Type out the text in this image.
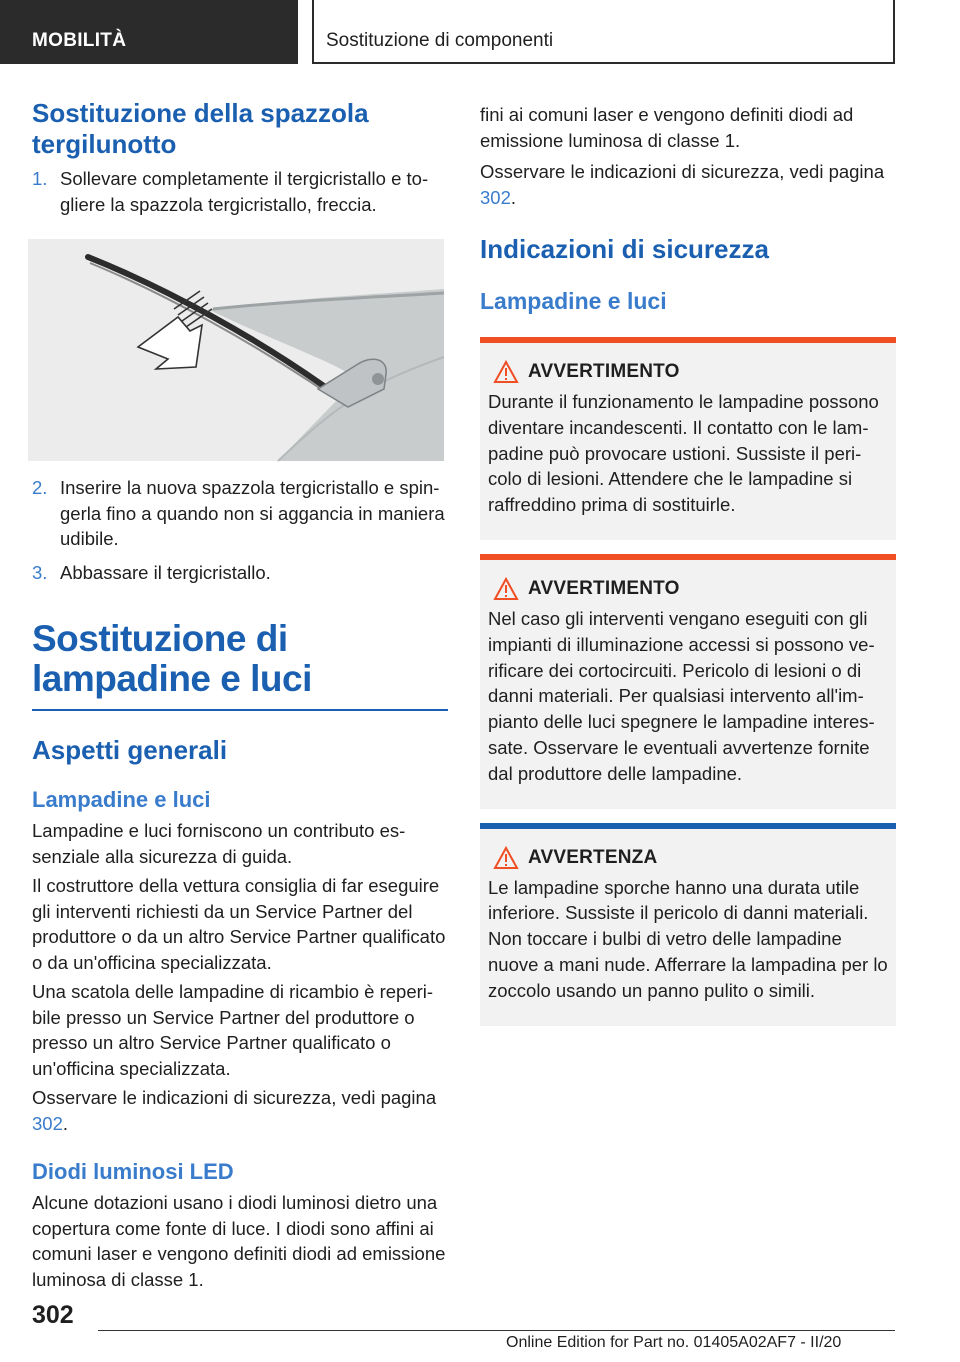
MOBILITÀ	Sostituzione di componenti
Sostituzione della spazzola tergilunotto
1. Sollevare completamente il tergicristallo e togliere la spazzola tergicristallo, freccia.
2. Inserire la nuova spazzola tergicristallo e spingerla fino a quando non si aggancia in maniera udibile.
3. Abbassare il tergicristallo.
Sostituzione di lampadine e luci
Aspetti generali
Lampadine e luci

Lampadine e luci forniscono un contributo essenziale alla sicurezza di guida.

Il costruttore della vettura consiglia di far eseguire gli interventi richiesti da un Service Partner del produttore o da un altro Service Partner qualificato o da un'officina specializzata.

Una scatola delle lampadine di ricambio è reperibile presso un Service Partner del produttore o presso un altro Service Partner qualificato o un'officina specializzata.

Osservare le indicazioni di sicurezza, vedi pagina 302.

Diodi luminosi LED

Alcune dotazioni usano i diodi luminosi dietro una copertura come fonte di luce. I diodi sono affini ai comuni laser e vengono definiti diodi ad emissione luminosa di classe 1.

fini ai comuni laser e vengono definiti diodi ad emissione luminosa di classe 1.

Osservare le indicazioni di sicurezza, vedi pagina 302.

Indicazioni di sicurezza
Lampadine e luci
AVVERTIMENTO
Durante il funzionamento le lampadine possono diventare incandescenti. Il contatto con le lampadine può provocare ustioni. Sussiste il pericolo di lesioni. Attendere che le lampadine si raffreddino prima di sostituirle.
AVVERTIMENTO
Nel caso gli interventi vengano eseguiti con gli impianti di illuminazione accessi si possono verificare dei cortocircuiti. Pericolo di lesioni o di danni materiali. Per qualsiasi intervento all'impianto delle luci spegnere le lampadine interessate. Osservare le eventuali avvertenze fornite dal produttore delle lampadine.
AVVERTENZA
Le lampadine sporche hanno una durata utile inferiore. Sussiste il pericolo di danni materiali. Non toccare i bulbi di vetro delle lampadine nuove a mani nude. Afferrare la lampadina per lo zoccolo usando un panno pulito o simili.
302
Online Edition for Part no. 01405A02AF7 - II/20
